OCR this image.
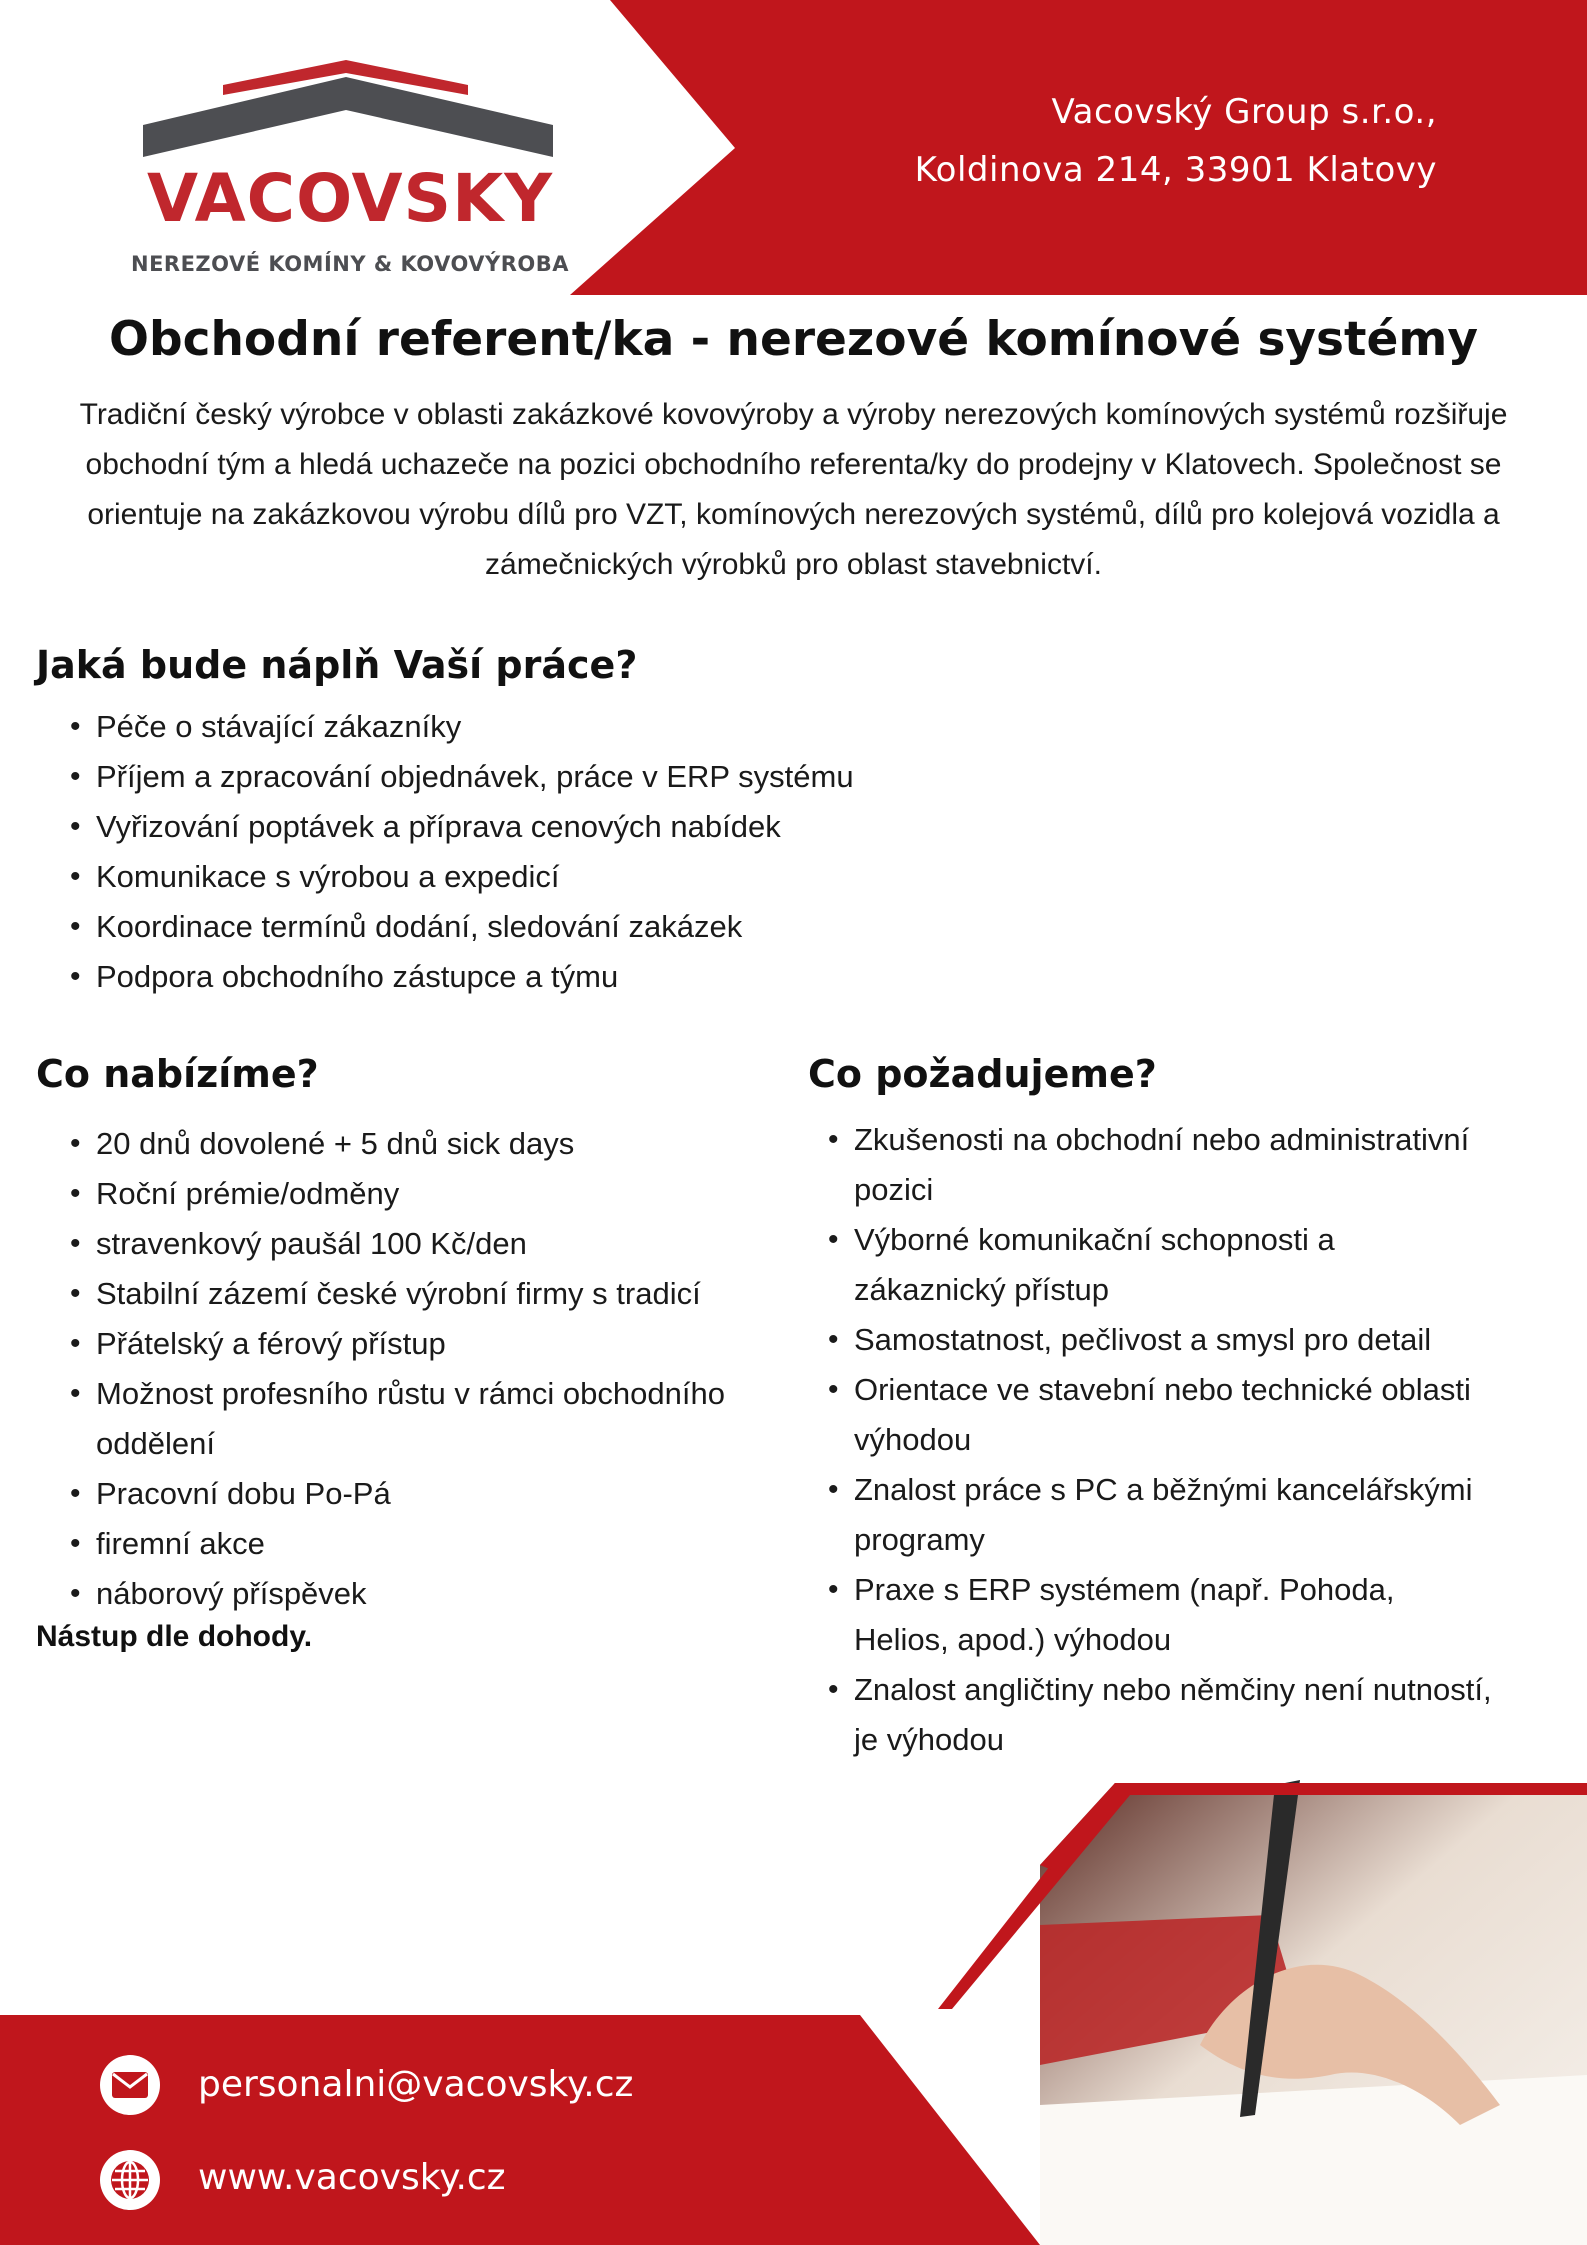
VACOVSKY
NEREZOVÉ KOMÍNY & KOVOVÝROBA
Vacovský Group s.r.o.,
Koldinova 214, 33901 Klatovy
Obchodní referent/ka - nerezové komínové systémy

Tradiční český výrobce v oblasti zakázkové kovovýroby a výroby nerezových komínových systémů rozšiřuje obchodní tým a hledá uchazeče na pozici obchodního referenta/ky do prodejny v Klatovech. Společnost se orientuje na zakázkovou výrobu dílů pro VZT, komínových nerezových systémů, dílů pro kolejová vozidla a zámečnických výrobků pro oblast stavebnictví.

Jaká bude náplň Vaší práce?
• Péče o stávající zákazníky
• Příjem a zpracování objednávek, práce v ERP systému
• Vyřizování poptávek a příprava cenových nabídek
• Komunikace s výrobou a expedicí
• Koordinace termínů dodání, sledování zakázek
• Podpora obchodního zástupce a týmu
Co nabízíme?
• 20 dnů dovolené + 5 dnů sick days
• Roční prémie/odměny
• stravenkový paušál 100 Kč/den
• Stabilní zázemí české výrobní firmy s tradicí
• Přátelský a férový přístup
• Možnost profesního růstu v rámci obchodního oddělení
• Pracovní dobu Po-Pá
• firemní akce
• náborový příspěvek
Nástup dle dohody.
Co požadujeme?
• Zkušenosti na obchodní nebo administrativní pozici
• Výborné komunikační schopnosti a zákaznický přístup
• Samostatnost, pečlivost a smysl pro detail
• Orientace ve stavební nebo technické oblasti výhodou
• Znalost práce s PC a běžnými kancelářskými programy
• Praxe s ERP systémem (např. Pohoda, Helios, apod.) výhodou
• Znalost angličtiny nebo němčiny není nutností, je výhodou
personalni@vacovsky.cz
www.vacovsky.cz
